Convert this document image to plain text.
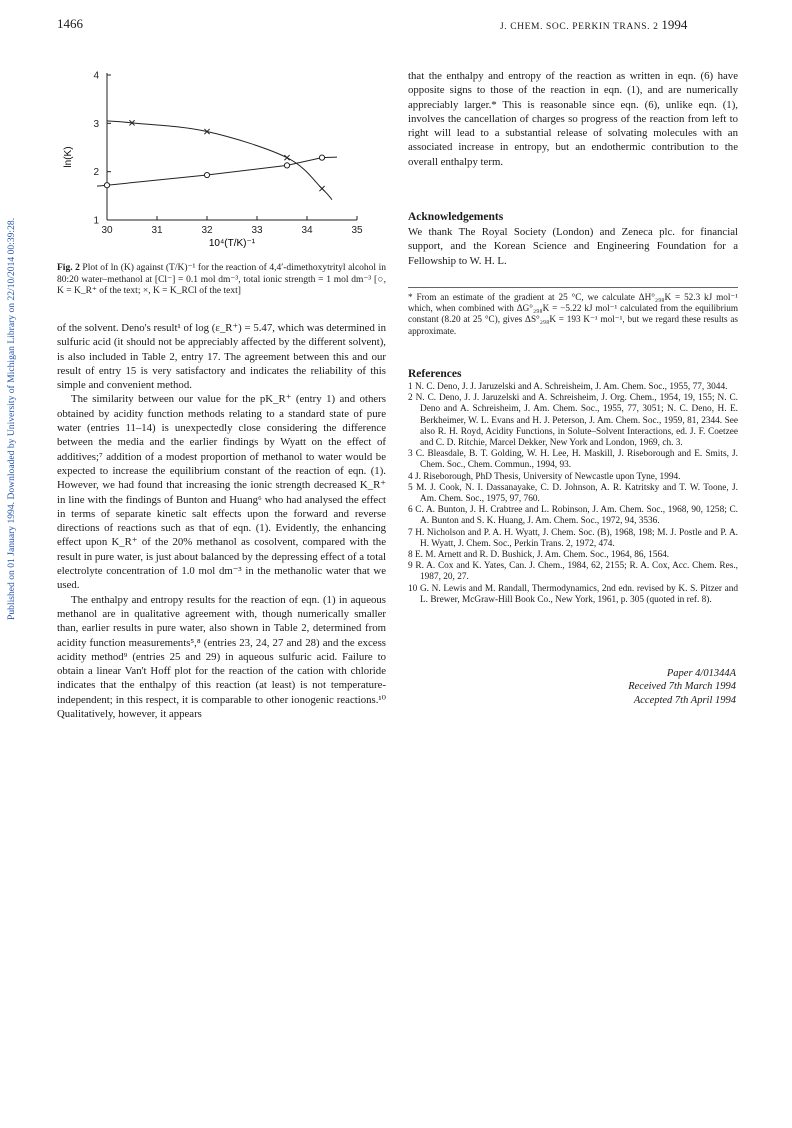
1466	J. CHEM. SOC. PERKIN TRANS. 2 1994
Published on 01 January 1994. Downloaded by University of Michigan Library on 22/10/2014 00:39:28.	30	31	32	33	34	35
1
2
3
4
ln(K)
10⁴(T/K)⁻¹
Fig. 2 Plot of ln (K) against (T/K)⁻¹ for the reaction of 4,4′-dimethoxytrityl alcohol in 80:20 water–methanol at [Cl⁻] = 0.1 mol dm⁻³, total ionic strength = 1 mol dm⁻³ [○, K = K_R⁺ of the text; ×, K = K_RCl of the text]

of the solvent. Deno's result¹ of log (ε_R⁺) = 5.47, which was determined in sulfuric acid (it should not be appreciably affected by the different solvent), is also included in Table 2, entry 17. The agreement between this and our result of entry 15 is very satisfactory and indicates the reliability of this simple and convenient method.

The similarity between our value for the pK_R⁺ (entry 1) and others obtained by acidity function methods relating to a standard state of pure water (entries 11–14) is unexpectedly close considering the difference between the media and the earlier findings by Wyatt on the effect of additives;⁷ addition of a modest proportion of methanol to water would be expected to increase the equilibrium constant of the reaction of eqn. (1). However, we had found that increasing the ionic strength decreased K_R⁺ in line with the findings of Bunton and Huang⁶ who had analysed the effect in terms of separate kinetic salt effects upon the forward and reverse directions of reactions such as that of eqn. (1). Evidently, the enhancing effect upon K_R⁺ of the 20% methanol as cosolvent, compared with the result in pure water, is just about balanced by the depressing effect of a total electrolyte concentration of 1.0 mol dm⁻³ in the methanolic water that we used.

The enthalpy and entropy results for the reaction of eqn. (1) in aqueous methanol are in qualitative agreement with, though numerically smaller than, earlier results in pure water, also shown in Table 2, determined from acidity function measurements⁵,⁸ (entries 23, 24, 27 and 28) and the excess acidity method⁹ (entries 25 and 29) in aqueous sulfuric acid. Failure to obtain a linear Van't Hoff plot for the reaction of the cation with chloride indicates that the enthalpy of this reaction (at least) is not temperature-independent; in this respect, it is comparable to other ionogenic reactions.¹⁰ Qualitatively, however, it appears

that the enthalpy and entropy of the reaction as written in eqn. (6) have opposite signs to those of the reaction in eqn. (1), and are numerically appreciably larger.* This is reasonable since eqn. (6), unlike eqn. (1), involves the cancellation of charges so progress of the reaction from left to right will lead to a substantial release of solvating molecules with an associated increase in entropy, but an endothermic contribution to the overall enthalpy term.

Acknowledgements

We thank The Royal Society (London) and Zeneca plc. for financial support, and the Korean Science and Engineering Foundation for a Fellowship to W. H. L.

* From an estimate of the gradient at 25 °C, we calculate ΔH°₂₉₈K = 52.3 kJ mol⁻¹ which, when combined with ΔG°₂₉₈K = −5.22 kJ mol⁻¹ calculated from the equilibrium constant (8.20 at 25 °C), gives ΔS°₂₉₈K = 193 K⁻¹ mol⁻¹, but we regard these results as approximate.

References

1 N. C. Deno, J. J. Jaruzelski and A. Schreisheim, J. Am. Chem. Soc., 1955, 77, 3044.

2 N. C. Deno, J. J. Jaruzelski and A. Schreisheim, J. Org. Chem., 1954, 19, 155; N. C. Deno and A. Schreisheim, J. Am. Chem. Soc., 1955, 77, 3051; N. C. Deno, H. E. Berkheimer, W. L. Evans and H. J. Peterson, J. Am. Chem. Soc., 1959, 81, 2344. See also R. H. Royd, Acidity Functions, in Solute–Solvent Interactions, ed. J. F. Coetzee and C. D. Ritchie, Marcel Dekker, New York and London, 1969, ch. 3.

3 C. Bleasdale, B. T. Golding, W. H. Lee, H. Maskill, J. Riseborough and E. Smits, J. Chem. Soc., Chem. Commun., 1994, 93.

4 J. Riseborough, PhD Thesis, University of Newcastle upon Tyne, 1994.

5 M. J. Cook, N. I. Dassanayake, C. D. Johnson, A. R. Katritsky and T. W. Toone, J. Am. Chem. Soc., 1975, 97, 760.

6 C. A. Bunton, J. H. Crabtree and L. Robinson, J. Am. Chem. Soc., 1968, 90, 1258; C. A. Bunton and S. K. Huang, J. Am. Chem. Soc., 1972, 94, 3536.

7 H. Nicholson and P. A. H. Wyatt, J. Chem. Soc. (B), 1968, 198; M. J. Postle and P. A. H. Wyatt, J. Chem. Soc., Perkin Trans. 2, 1972, 474.

8 E. M. Arnett and R. D. Bushick, J. Am. Chem. Soc., 1964, 86, 1564.

9 R. A. Cox and K. Yates, Can. J. Chem., 1984, 62, 2155; R. A. Cox, Acc. Chem. Res., 1987, 20, 27.

10 G. N. Lewis and M. Randall, Thermodynamics, 2nd edn. revised by K. S. Pitzer and L. Brewer, McGraw-Hill Book Co., New York, 1961, p. 305 (quoted in ref. 8).

Paper 4/01344A
Received 7th March 1994
Accepted 7th April 1994
